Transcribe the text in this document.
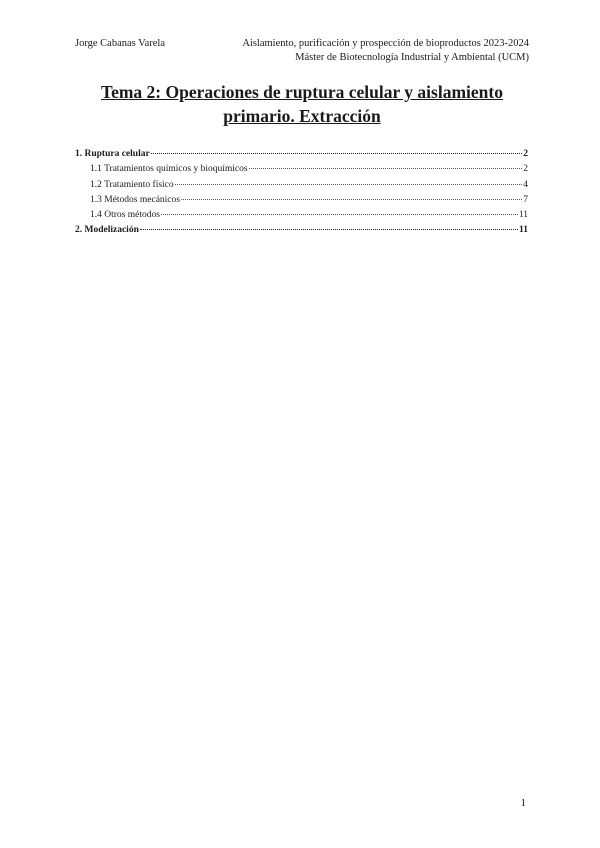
Jorge Cabanas Varela	Aislamiento, purificación y prospección de bioproductos 2023-2024
Máster de Biotecnología Industrial y Ambiental (UCM)
Tema 2: Operaciones de ruptura celular y aislamiento
primario. Extracción
1. Ruptura celular	2
1.1 Tratamientos químicos y bioquímicos	2
1.2 Tratamiento físico	4
1.3 Métodos mecánicos	7
1.4 Otros métodos	11
2. Modelización	11
1
